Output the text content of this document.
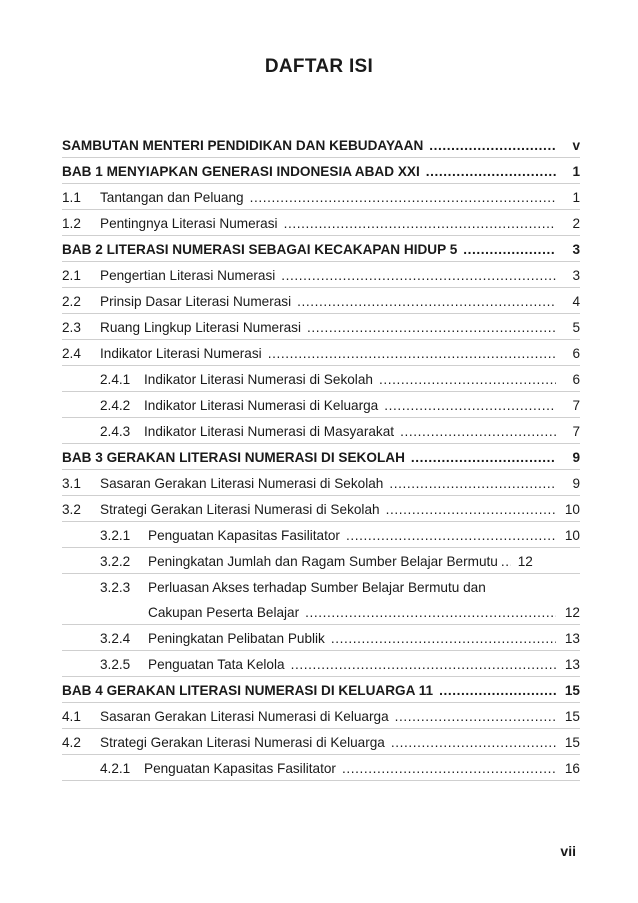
DAFTAR ISI
SAMBUTAN MENTERI PENDIDIKAN DAN KEBUDAYAAN .....	v
BAB 1 MENYIAPKAN GENERASI INDONESIA ABAD XXI .....	1
1.1	Tantangan dan Peluang .....	1
1.2	Pentingnya Literasi Numerasi .....	2
BAB 2 LITERASI NUMERASI SEBAGAI KECAKAPAN HIDUP 5 .....	3
2.1	Pengertian Literasi Numerasi .....	3
2.2	Prinsip Dasar Literasi Numerasi .....	4
2.3	Ruang Lingkup Literasi Numerasi .....	5
2.4	Indikator Literasi Numerasi .....	6
2.4.1	Indikator Literasi Numerasi di Sekolah .....	6
2.4.2	Indikator Literasi Numerasi di Keluarga .....	7
2.4.3	Indikator Literasi Numerasi di Masyarakat .....	7
BAB 3 GERAKAN LITERASI NUMERASI DI SEKOLAH .....	9
3.1	Sasaran Gerakan Literasi Numerasi di Sekolah .....	9
3.2	Strategi Gerakan Literasi Numerasi di Sekolah .....	10
3.2.1	Penguatan Kapasitas Fasilitator .....	10
3.2.2	Peningkatan Jumlah dan Ragam Sumber Belajar Bermutu ..... 12
3.2.3	Perluasan Akses terhadap Sumber Belajar Bermutu dan
Cakupan Peserta Belajar .....	12
3.2.4	Peningkatan Pelibatan Publik .....	13
3.2.5	Penguatan Tata Kelola .....	13
BAB 4 GERAKAN LITERASI NUMERASI DI KELUARGA 11 .....	15
4.1	Sasaran Gerakan Literasi Numerasi di Keluarga .....	15
4.2	Strategi Gerakan Literasi Numerasi di Keluarga .....	15
4.2.1	Penguatan Kapasitas Fasilitator .....	16
vii
